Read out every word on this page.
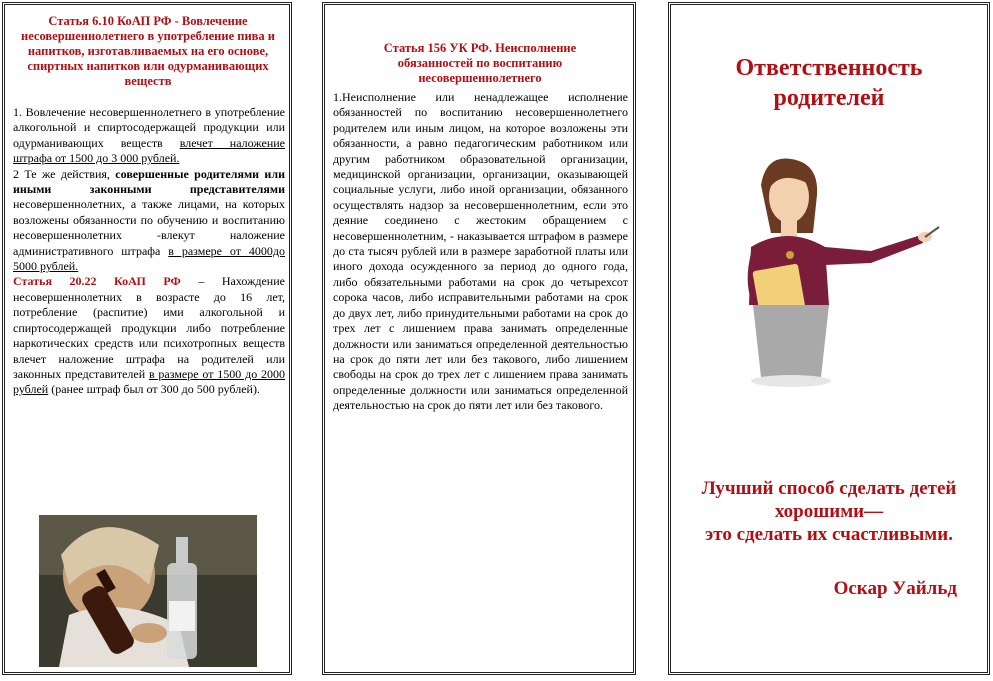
Статья 6.10 КоАП РФ - Вовлечение несовершеннолетнего в употребление пива и напитков, изготавливаемых на его основе, спиртных напитков или одурманивающих веществ

1. Вовлечение несовершеннолетнего в употребление алкогольной и спиртосодержащей продукции или одурманивающих веществ влечет наложение штрафа от 1500 до 3 000 рублей.

2 Те же действия, совершенные родителями или иными законными представителями несовершеннолетних, а также лицами, на которых возложены обязанности по обучению и воспитанию несовершеннолетних -влекут наложение административного штрафа в размере от 4000до 5000 рублей.

Статья 20.22 КоАП РФ – Нахождение несовершеннолетних в возрасте до 16 лет, потребление (распитие) ими алкогольной и спиртосодержащей продукции либо потребление наркотических средств или психотропных веществ влечет наложение штрафа на родителей или законных представителей в размере от 1500 до 2000 рублей (ранее штраф был от 300 до 500 рублей).

Статья 156 УК РФ. Неисполнение обязанностей по воспитанию несовершеннолетнего

1.Неисполнение или ненадлежащее исполнение обязанностей по воспитанию несовершеннолетнего родителем или иным лицом, на которое возложены эти обязанности, а равно педагогическим работником или другим работником образовательной организации, медицинской организации, организации, оказывающей социальные услуги, либо иной организации, обязанного осуществлять надзор за несовершеннолетним, если это деяние соединено с жестоким обращением с несовершеннолетним, - наказывается штрафом в размере до ста тысяч рублей или в размере заработной платы или иного дохода осужденного за период до одного года, либо обязательными работами на срок до четырехсот сорока часов, либо исправительными работами на срок до двух лет, либо принудительными работами на срок до трех лет с лишением права занимать определенные должности или заниматься определенной деятельностью на срок до пяти лет или без такового, либо лишением свободы на срок до трех лет с лишением права занимать определенные должности или заниматься определенной деятельностью на срок до пяти лет или без такового.

Ответственность
родителей

Лучший способ сделать детей
хорошими—
это сделать их счастливыми.

Оскар Уайльд
